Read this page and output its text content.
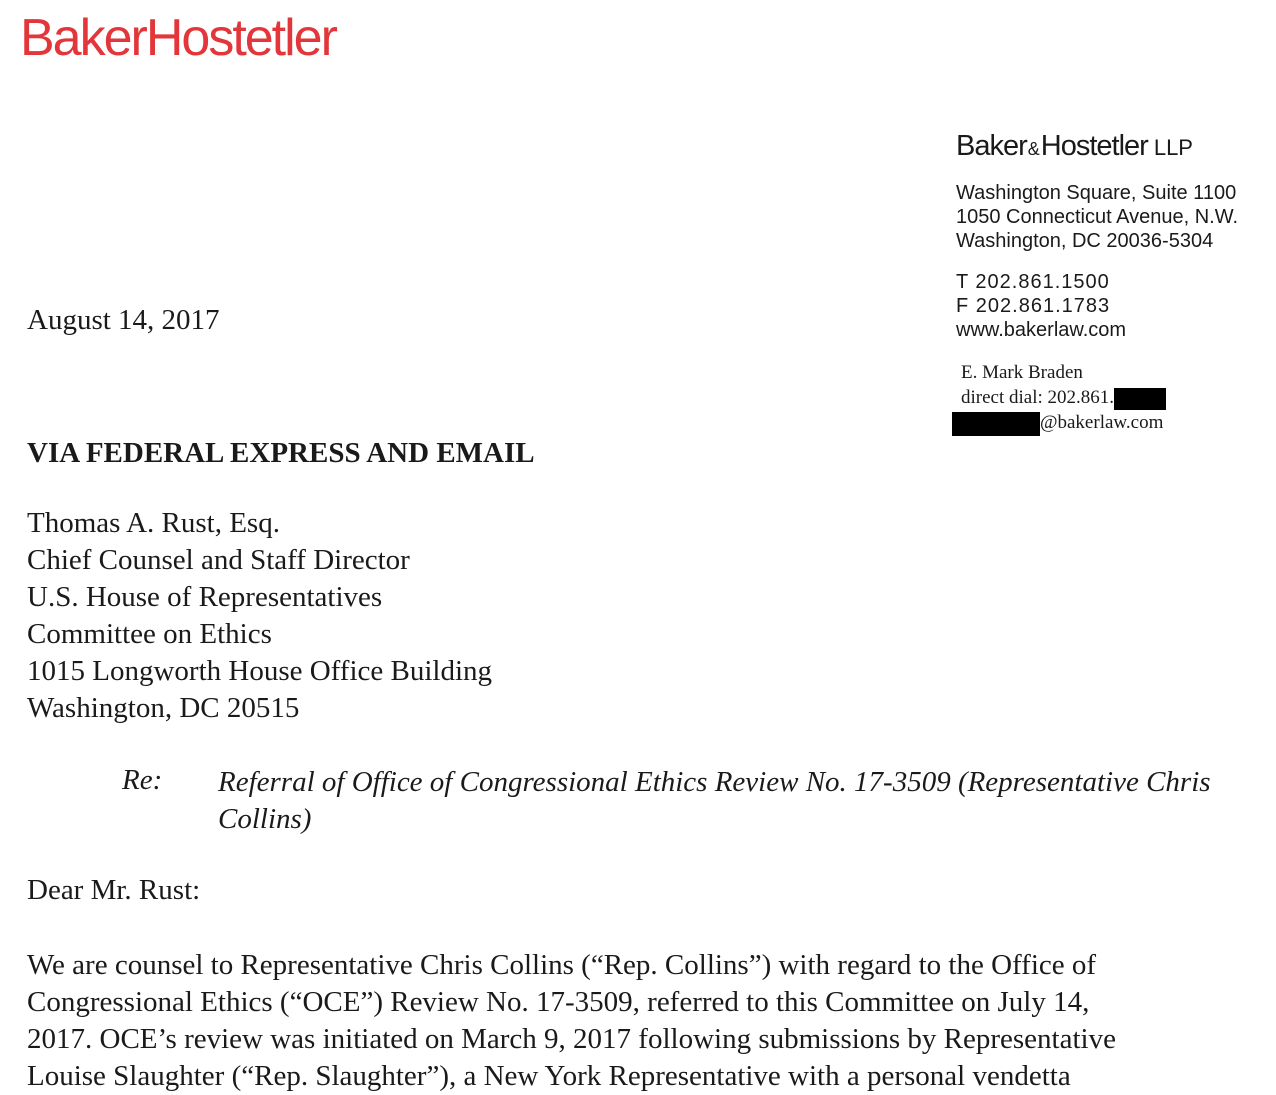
BakerHostetler
Baker&Hostetler LLP
Washington Square, Suite 1100
1050 Connecticut Avenue, N.W.
Washington, DC 20036-5304
T 202.861.1500
F 202.861.1783
www.bakerlaw.com
E. Mark Braden
direct dial: 202.861.
@bakerlaw.com
August 14, 2017
VIA FEDERAL EXPRESS AND EMAIL
Thomas A. Rust, Esq.
Chief Counsel and Staff Director
U.S. House of Representatives
Committee on Ethics
1015 Longworth House Office Building
Washington, DC 20515
Re: Referral of Office of Congressional Ethics Review No. 17-3509 (Representative Chris Collins)
Dear Mr. Rust:
We are counsel to Representative Chris Collins (“Rep. Collins”) with regard to the Office of
Congressional Ethics (“OCE”) Review No. 17-3509, referred to this Committee on July 14,
2017. OCE’s review was initiated on March 9, 2017 following submissions by Representative
Louise Slaughter (“Rep. Slaughter”), a New York Representative with a personal vendetta
